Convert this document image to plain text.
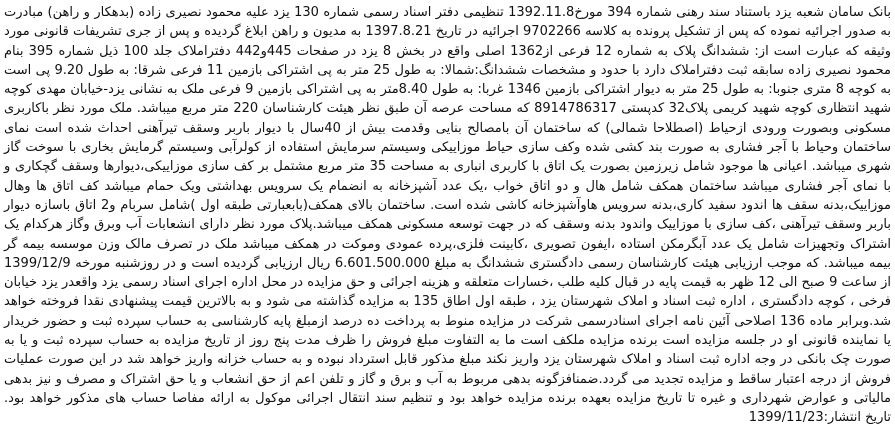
بانک سامان شعبه یزد باستناد سند رهنی شماره 394 مورخ1392.11.8 تنظیمی دفتر اسناد رسمی شماره 130 یزد علیه محمود نصیری زاده (بدهکار و راهن) مبادرت به صدور اجرائیه نموده که پس از تشکیل پرونده به کلاسه 9702266 اجرائیه در تاریخ 1397.8.21 به مدیون و راهن ابلاغ گردیده و پس از جری تشریفات قانونی مورد وثیقه که عبارت است از: ششدانگ پلاک به شماره 12 فرعی از1362 اصلی واقع در بخش 8 یزد در صفحات 445و442 دفتراملاک جلد 100 ذیل شماره 395 بنام محمود نصیری زاده سابقه ثبت دفتراملاک دارد با حدود و مشخصات ششدانگ:شمالا: به طول 25 متر به پی اشتراکی بازمین 11 فرعی شرقا: به طول 9.20 پی است به کوچه 8 متری جنوبا: به طول 25 متر به دیوار اشتراکی بازمین 1346 غربا: به طول 8.40متر به پی اشتراکی بازمین 9 فرعی ملک به نشانی یزد-خیابان مهدی کوچه شهید انتظاری کوچه شهید کریمی پلاک32 کدپستی 8914786317 که مساحت عرصه آن طبق نظر هیئت کارشناسان 220 متر مربع میباشد. ملک مورد نظر باکاربری مسکونی وبصورت ورودی ازحیاط (اصطلاحا شمالی) که ساختمان آن بامصالح بنایی وقدمت بیش از 40سال با دیوار باربر وسقف تیرآهنی احداث شده است نمای ساختمان وحیاط با آجر فشاری به صورت بند کشی شده وکف سازی حیاط موزاییکی وسیستم سرمایش استفاده از کولرآبی وسیستم گرمایش بخاری با سوخت گاز شهری میباشد. اعیانی ها موجود شامل زیرزمین بصورت یک اتاق با کاربری انباری به مساحت 35 متر مربع مشتمل بر کف سازی موزاییکی،دیوارها وسقف گچکاری و با نمای آجر فشاری میباشد ساختمان همکف شامل هال و دو اتاق خواب ،یک عدد آشپزخانه به انضمام یک سرویس بهداشتی ویک حمام میباشد کف اتاق ها وهال موزاییک،بدنه سقف ها اندود سفید کاری،بدنه سرویس هاوآشپزخانه کاشی شده است. ساختمان بالای همکف(بابعبارتی طبقه اول )شامل سربام و2 اتاق باسازه دیوار باربر وسقف تیرآهنی ،کف سازی با موزاییک واندود بدنه وسقف که در جهت توسعه مسکونی همکف میباشد.پلاک مورد نظر دارای انشعابات آب وبرق وگاز هرکدام یک اشتراک وتجهیزات شامل یک عدد آبگرمکن استاده ،ایفون تصویری ،کابینت فلزی،پرده عمودی وموکت در همکف میباشد ملک در تصرف مالک وزن موسسه بیمه گر بیمه میباشد. که موجب ارزیابی هیئت کارشناسان رسمی دادگستری ششدانگ به مبلغ 6.601.500.000 ریال ارزیابی گردیده است و در روزشنبه مورخه 1399/12/9 از ساعت 9 صبح الی 12 ظهر به قیمت پایه در قبال کلیه طلب ،خسارات متعلقه و هزینه اجرائی و حق مزایده در محل اداره اجرای اسناد رسمی یزد واقعدر یزد خیابان فرخی ، کوچه دادگستری ، اداره ثبت اسناد و املاک شهرستان یزد ، طبقه اول اطاق 135 به مزایده گذاشته می شود و به بالاترین قیمت پیشنهادی نقدا فروخته خواهد شد.وبرابر ماده 136 اصلاحی آئین نامه اجرای اسنادرسمی شرکت در مزایده منوط به پرداخت ده درصد ازمبلغ پایه کارشناسی به حساب سپرده ثبت و حضور خریدار یا نماینده قانونی او در جلسه مزایده است برنده مزایده ملکف است ما به التفاوت مبلغ فروش را ظرف مدت پنج روز از تاریخ مزایده به حساب سپرده ثبت و یا به صورت چک بانکی در وجه اداره ثبت اسناد و املاک شهرستان یزد واریز نکند مبلغ مذکور قابل استرداد نبوده و به حساب خزانه واریز خواهد شد در این صورت عملیات فروش از درجه اعتبار ساقط و مزایده تجدید می گردد.ضمنافزگونه بدهی مربوط به آب و برق و گاز و تلفن اعم از حق انشعاب و یا حق اشتراک و مصرف و نیز بدهی مالیاتی و عوارض شهرداری و غیره تا تاریخ مزایده بعهده برنده مزایده خواهد بود و تنظیم سند انتقال اجرائی موکول به ارائه مفاصا حساب های مذکور خواهد بود. تاریخ انتشار:1399/11/23
